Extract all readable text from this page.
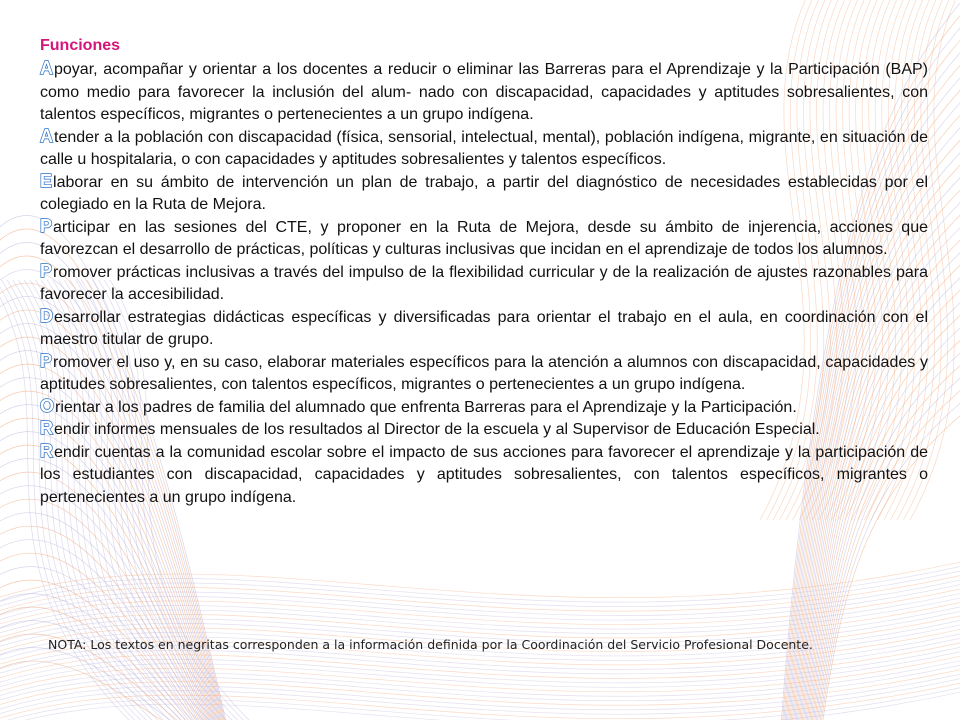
Funciones
Apoyar, acompañar y orientar a los docentes a reducir o eliminar las Barreras para el Aprendizaje y la Participación (BAP) como medio para favorecer la inclusión del alum- nado con discapacidad, capacidades y aptitudes sobresalientes, con talentos específicos, migrantes o pertenecientes a un grupo indígena.
Atender a la población con discapacidad (física, sensorial, intelectual, mental), población indígena, migrante, en situación de calle u hospitalaria, o con capacidades y aptitudes sobresalientes y talentos específicos.
Elaborar en su ámbito de intervención un plan de trabajo, a partir del diagnóstico de necesidades establecidas por el colegiado en la Ruta de Mejora.
Participar en las sesiones del CTE, y proponer en la Ruta de Mejora, desde su ámbito de injerencia, acciones que favorezcan el desarrollo de prácticas, políticas y culturas inclusivas que incidan en el aprendizaje de todos los alumnos.
Promover prácticas inclusivas a través del impulso de la flexibilidad curricular y de la realización de ajustes razonables para favorecer la accesibilidad.
Desarrollar estrategias didácticas específicas y diversificadas para orientar el trabajo en el aula, en coordinación con el maestro titular de grupo.
Promover el uso y, en su caso, elaborar materiales específicos para la atención a alumnos con discapacidad, capacidades y aptitudes sobresalientes, con talentos específicos, migrantes o pertenecientes a un grupo indígena.
Orientar a los padres de familia del alumnado que enfrenta Barreras para el Aprendizaje y la Participación.
Rendir informes mensuales de los resultados al Director de la escuela y al Supervisor de Educación Especial.
Rendir cuentas a la comunidad escolar sobre el impacto de sus acciones para favorecer el aprendizaje y la participación de los estudiantes con discapacidad, capacidades y aptitudes sobresalientes, con talentos específicos, migrantes o pertenecientes a un grupo indígena.
NOTA: Los textos en negritas corresponden a la información definida por la Coordinación del Servicio Profesional Docente.
